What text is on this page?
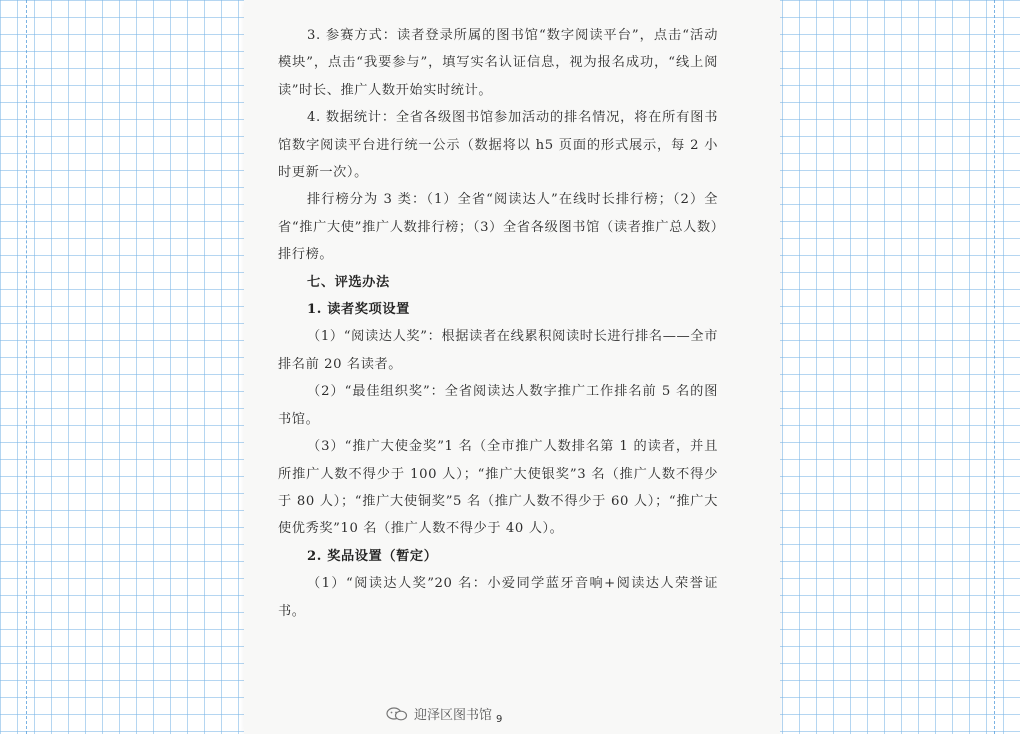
3. 参赛方式：读者登录所属的图书馆“数字阅读平台”，点击“活动模块”，点击“我要参与”，填写实名认证信息，视为报名成功，“线上阅读”时长、推广人数开始实时统计。

4. 数据统计：全省各级图书馆参加活动的排名情况，将在所有图书馆数字阅读平台进行统一公示（数据将以 h5 页面的形式展示，每 2 小时更新一次）。

排行榜分为 3 类：（1）全省“阅读达人”在线时长排行榜；（2）全省“推广大使”推广人数排行榜；（3）全省各级图书馆（读者推广总人数）排行榜。

七、评选办法

1. 读者奖项设置

（1）“阅读达人奖”：根据读者在线累积阅读时长进行排名——全市排名前 20 名读者。

（2）“最佳组织奖”：全省阅读达人数字推广工作排名前 5 名的图书馆。

（3）“推广大使金奖”1 名（全市推广人数排名第 1 的读者，并且所推广人数不得少于 100 人）；“推广大使银奖”3 名（推广人数不得少于 80 人）；“推广大使铜奖”5 名（推广人数不得少于 60 人）；“推广大使优秀奖”10 名（推广人数不得少于 40 人）。

2. 奖品设置（暂定）

（1）“阅读达人奖”20 名：小爱同学蓝牙音响+阅读达人荣誉证书。

迎泽区图书馆 9
